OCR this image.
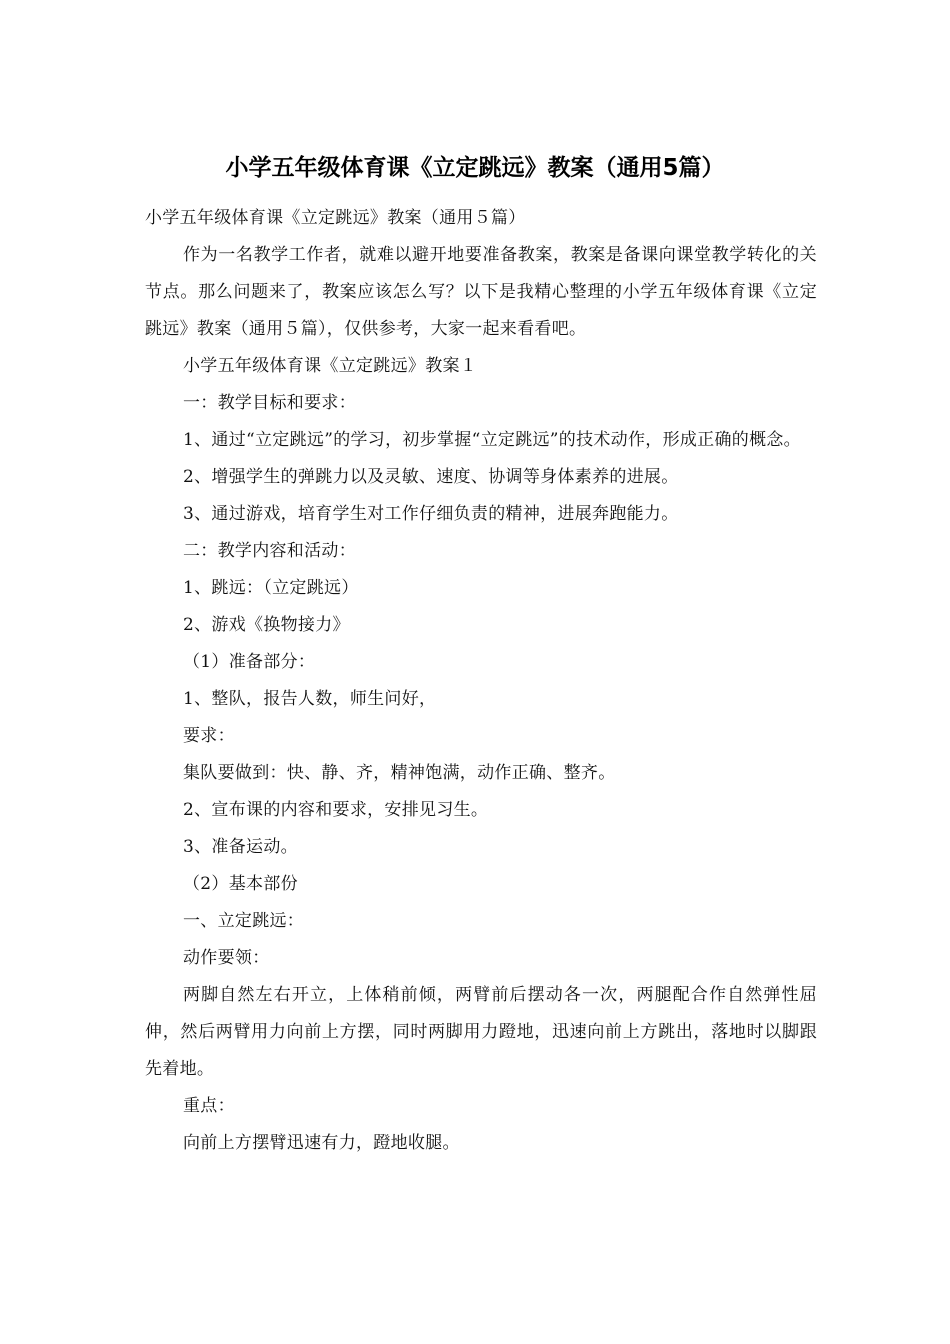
小学五年级体育课《立定跳远》教案（通用5篇）

小学五年级体育课《立定跳远》教案（通用５篇）

作为一名教学工作者，就难以避开地要准备教案，教案是备课向课堂教学转化的关节点。那么问题来了，教案应该怎么写？以下是我精心整理的小学五年级体育课《立定跳远》教案（通用５篇），仅供参考，大家一起来看看吧。

小学五年级体育课《立定跳远》教案１

一：教学目标和要求：

1、通过“立定跳远”的学习，初步掌握“立定跳远”的技术动作，形成正确的概念。

2、增强学生的弹跳力以及灵敏、速度、协调等身体素养的进展。

3、通过游戏，培育学生对工作仔细负责的精神，进展奔跑能力。

二：教学内容和活动：

1、跳远：（立定跳远）

2、游戏《换物接力》

（1）准备部分：

1、整队，报告人数，师生问好，

要求：

集队要做到：快、静、齐，精神饱满，动作正确、整齐。

2、宣布课的内容和要求，安排见习生。

3、准备运动。

（2）基本部份

一、立定跳远：

动作要领：

两脚自然左右开立，上体稍前倾，两臂前后摆动各一次，两腿配合作自然弹性屈伸，然后两臂用力向前上方摆，同时两脚用力蹬地，迅速向前上方跳出，落地时以脚跟先着地。

重点：

向前上方摆臂迅速有力，蹬地收腿。
